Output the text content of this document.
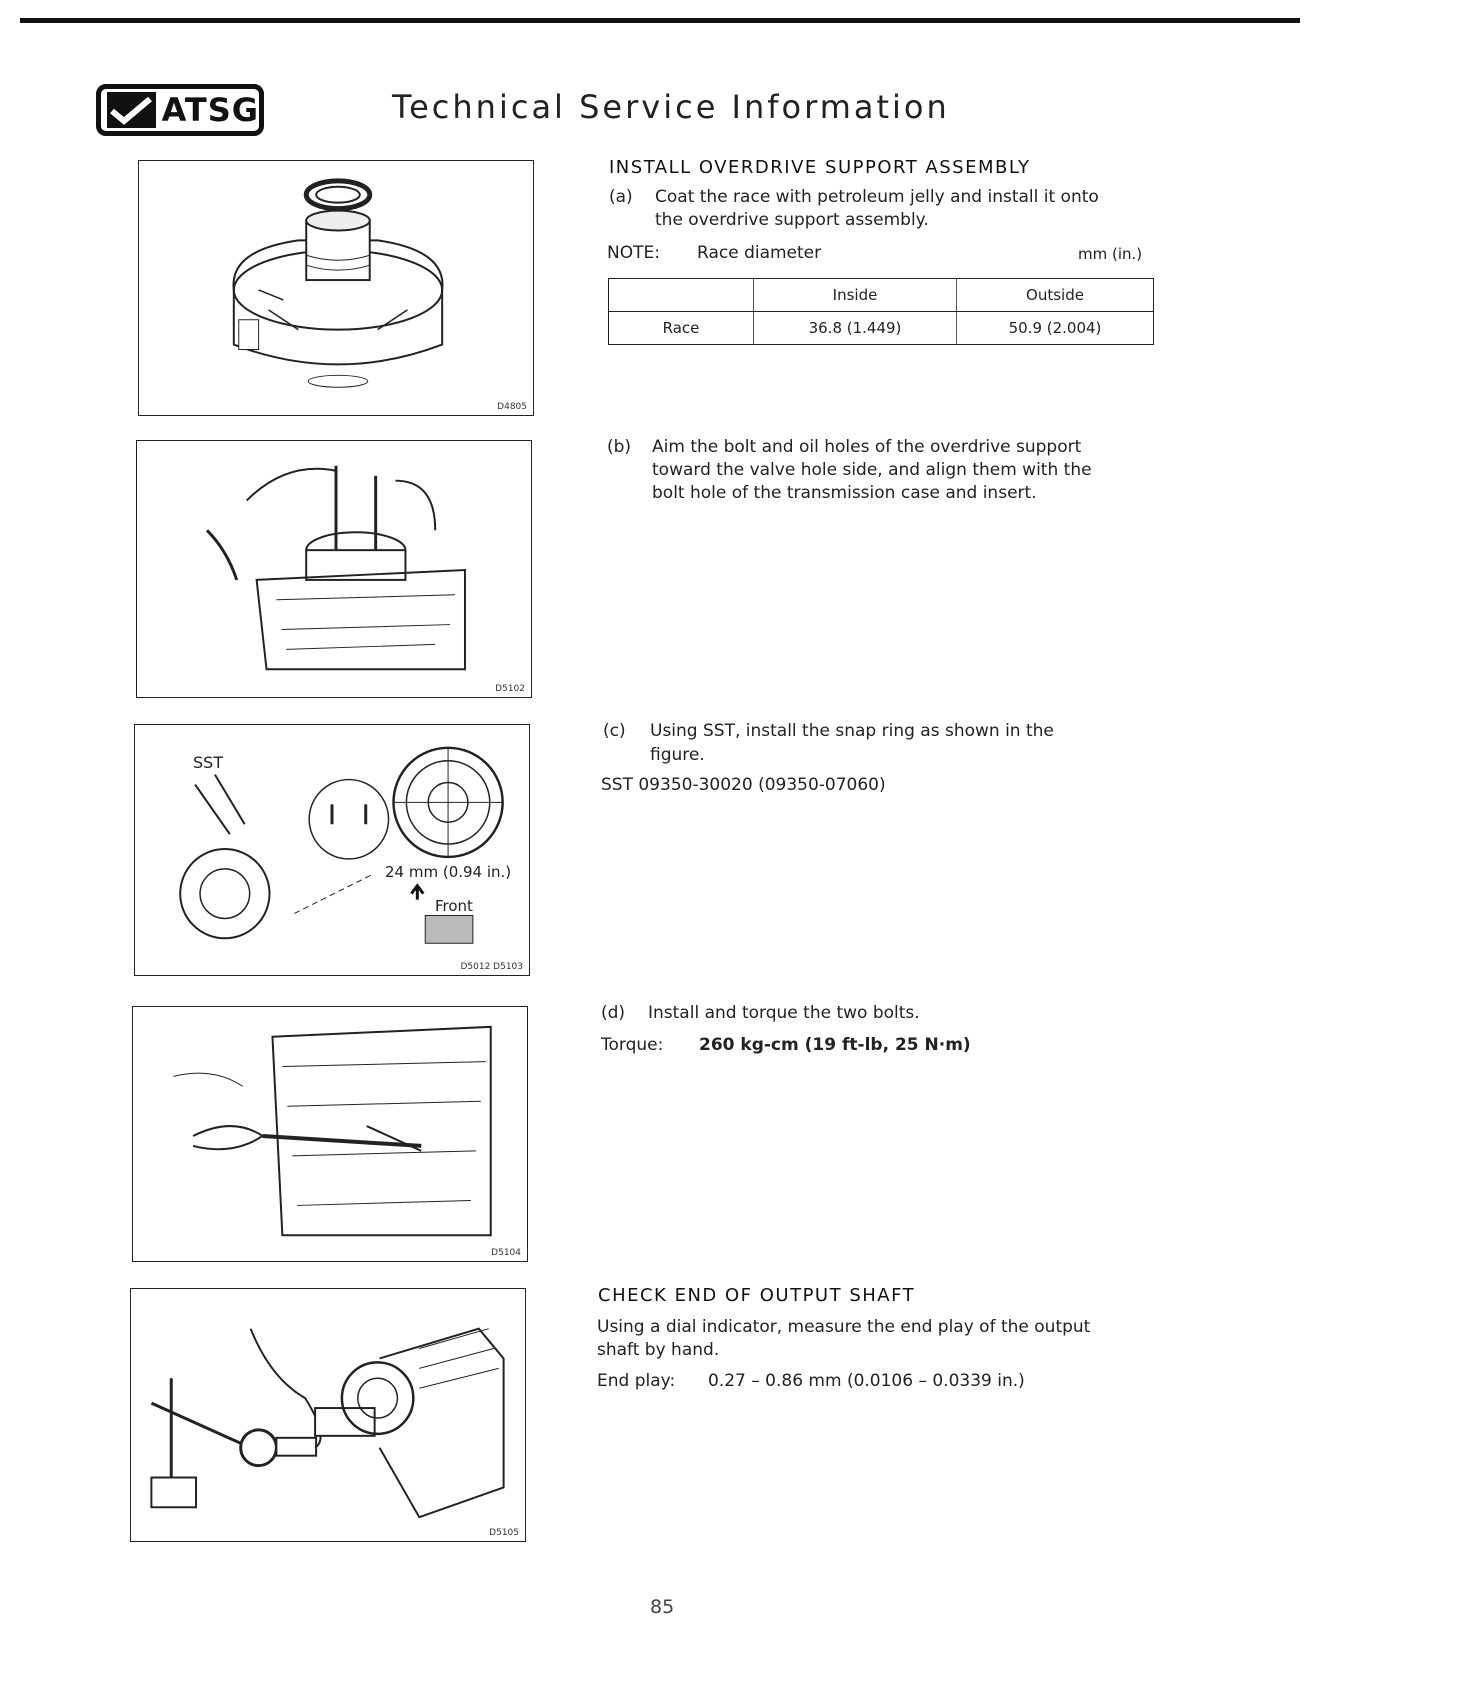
ATSG	Technical Service Information
D4805
D5102
SST
24 mm (0.94 in.)
Front
D5012 D5103
D5104
D5105
INSTALL OVERDRIVE SUPPORT ASSEMBLY
(a) Coat the race with petroleum jelly and install it onto
the overdrive support assembly.
NOTE: Race diameter	mm (in.)
	Inside	Outside
Race	36.8 (1.449)	50.9 (2.004)
(b) Aim the bolt and oil holes of the overdrive support
toward the valve hole side, and align them with the
bolt hole of the transmission case and insert.
(c) Using SST, install the snap ring as shown in the
figure.
SST 09350-30020 (09350-07060)
(d) Install and torque the two bolts.
Torque: 260 kg-cm (19 ft-lb, 25 N·m)
CHECK END OF OUTPUT SHAFT
Using a dial indicator, measure the end play of the output
shaft by hand.
End play: 0.27 – 0.86 mm (0.0106 – 0.0339 in.)
85
